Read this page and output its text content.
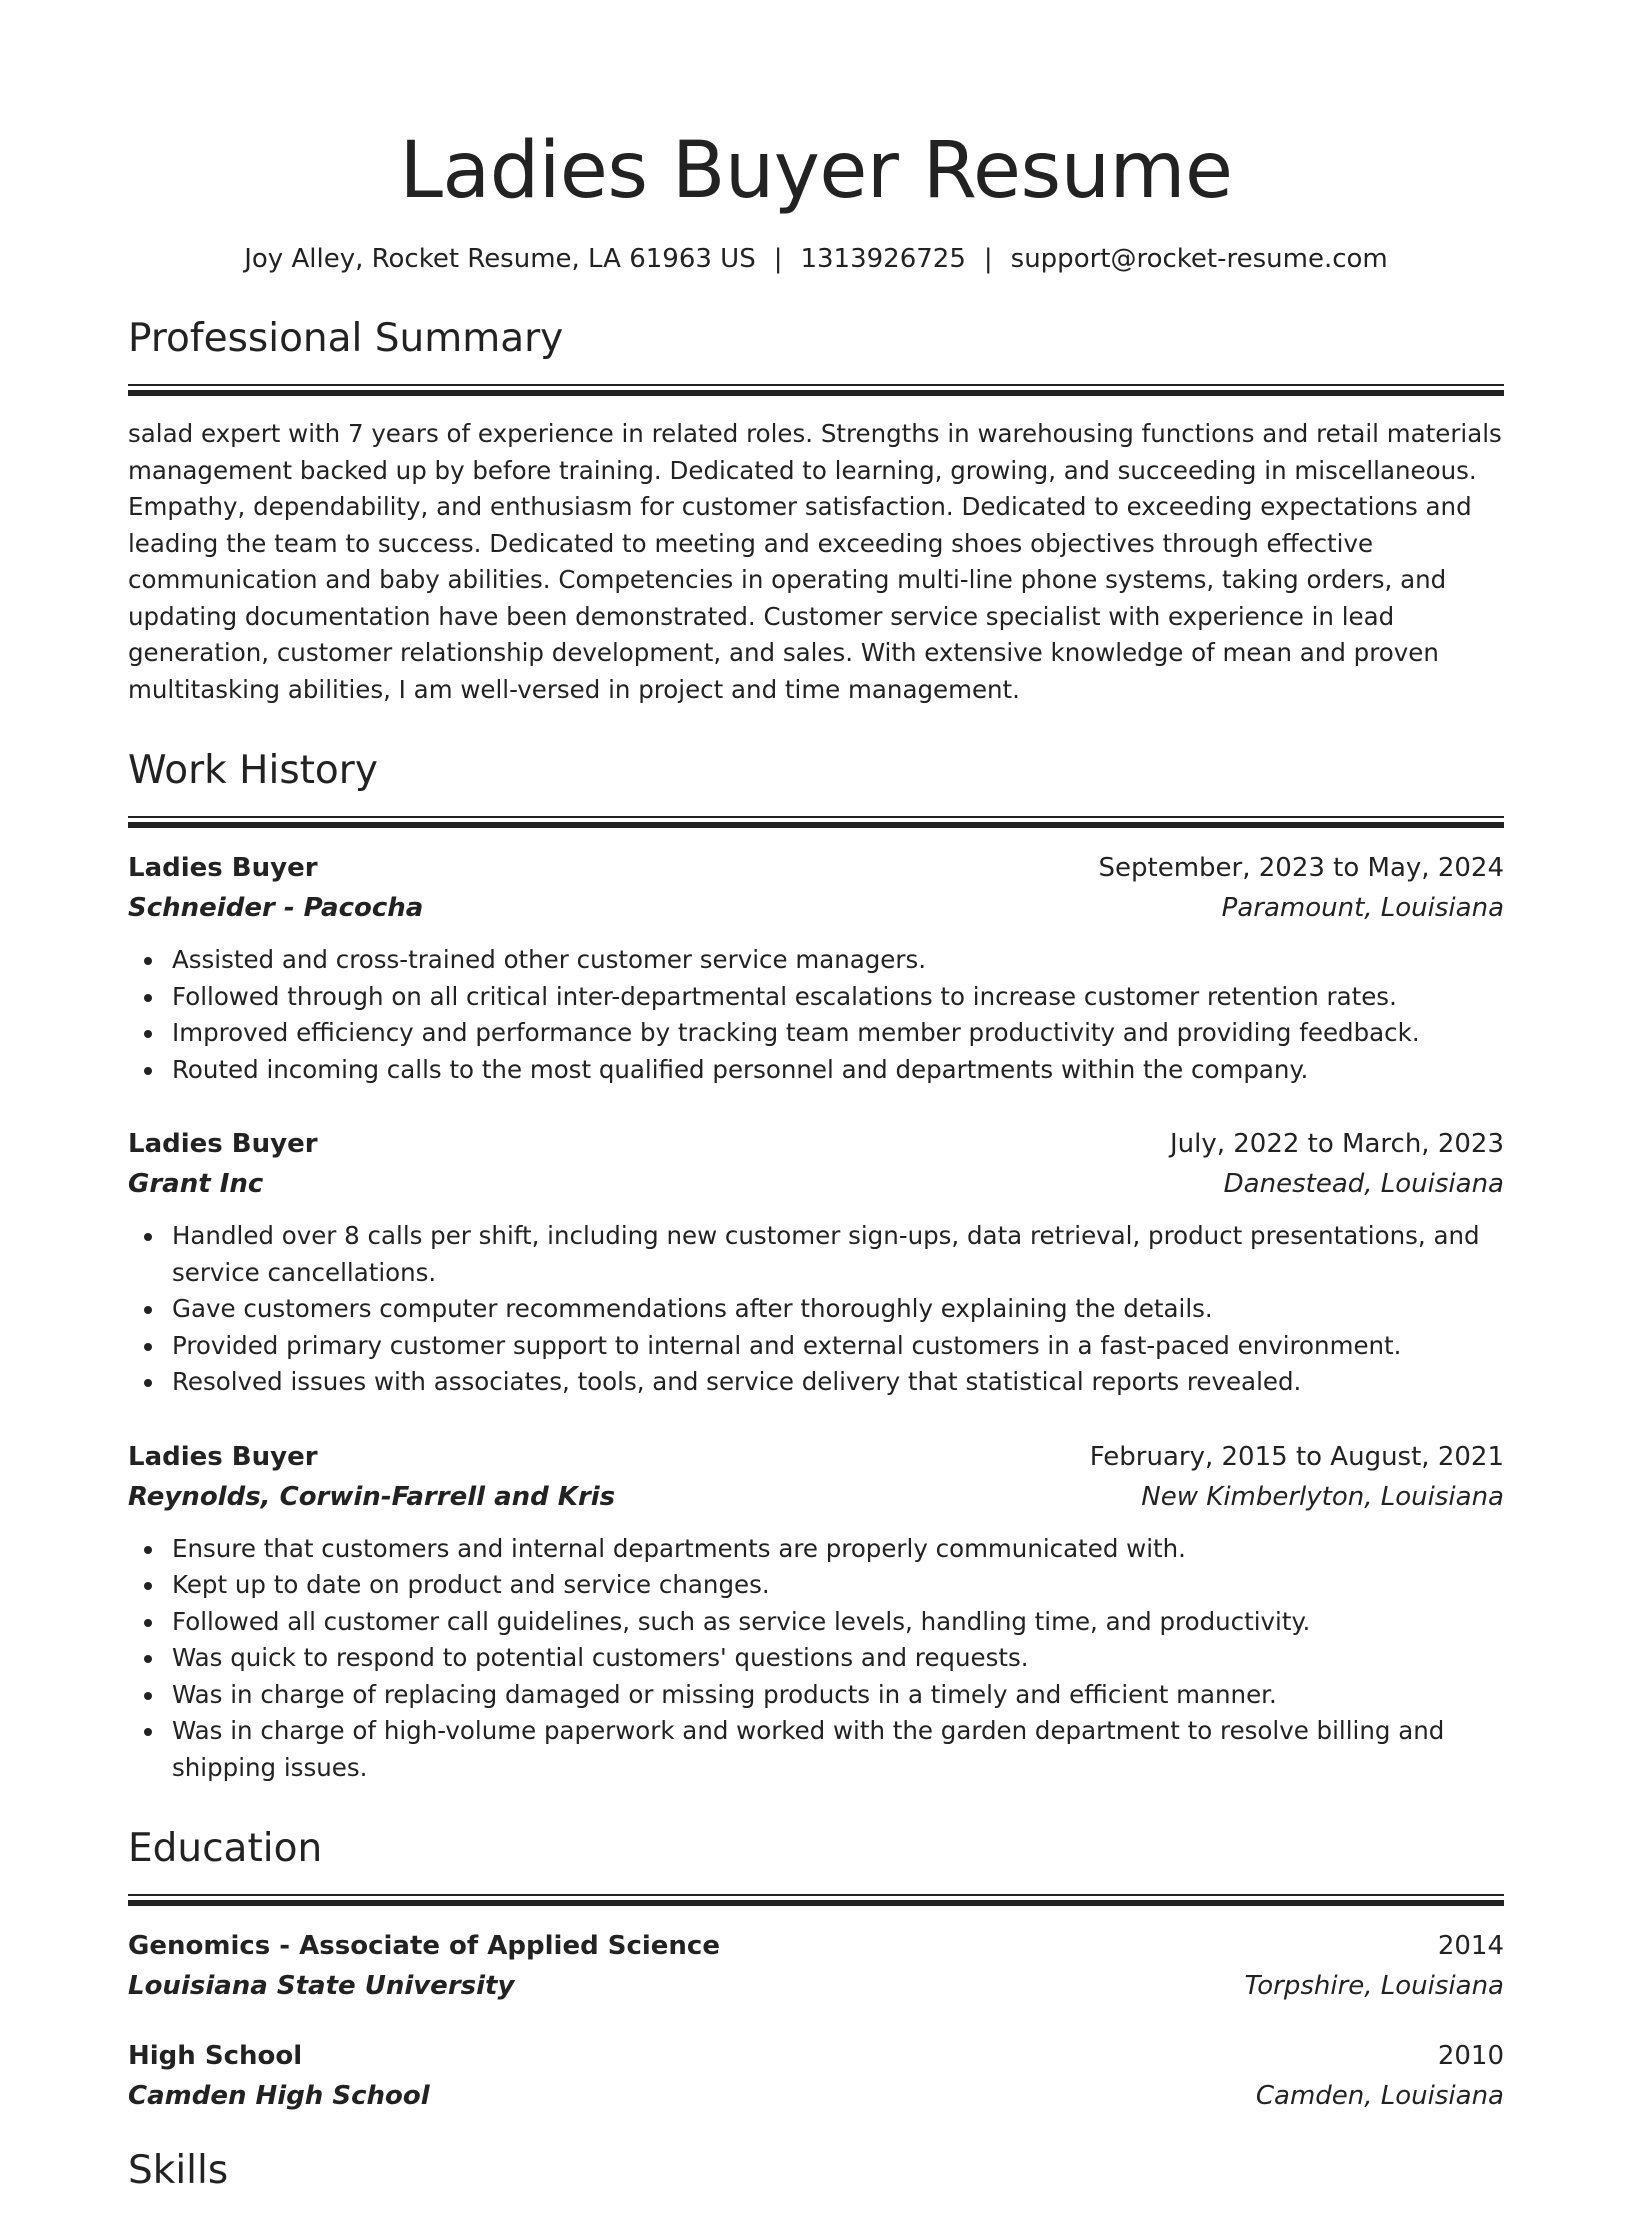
Ladies Buyer Resume
Joy Alley, Rocket Resume, LA 61963 US | 1313926725 | support@rocket-resume.com
Professional Summary

salad expert with 7 years of experience in related roles. Strengths in warehousing functions and retail materials management backed up by before training. Dedicated to learning, growing, and succeeding in miscellaneous. Empathy, dependability, and enthusiasm for customer satisfaction. Dedicated to exceeding expectations and leading the team to success. Dedicated to meeting and exceeding shoes objectives through effective communication and baby abilities. Competencies in operating multi-line phone systems, taking orders, and updating documentation have been demonstrated. Customer service specialist with experience in lead generation, customer relationship development, and sales. With extensive knowledge of mean and proven multitasking abilities, I am well-versed in project and time management.

Work History
Ladies Buyer	September, 2023 to May, 2024
Schneider - Pacocha	Paramount, Louisiana
Assisted and cross-trained other customer service managers.
Followed through on all critical inter-departmental escalations to increase customer retention rates.
Improved efficiency and performance by tracking team member productivity and providing feedback.
Routed incoming calls to the most qualified personnel and departments within the company.
Ladies Buyer	July, 2022 to March, 2023
Grant Inc	Danestead, Louisiana
Handled over 8 calls per shift, including new customer sign-ups, data retrieval, product presentations, and service cancellations.
Gave customers computer recommendations after thoroughly explaining the details.
Provided primary customer support to internal and external customers in a fast-paced environment.
Resolved issues with associates, tools, and service delivery that statistical reports revealed.
Ladies Buyer	February, 2015 to August, 2021
Reynolds, Corwin-Farrell and Kris	New Kimberlyton, Louisiana
Ensure that customers and internal departments are properly communicated with.
Kept up to date on product and service changes.
Followed all customer call guidelines, such as service levels, handling time, and productivity.
Was quick to respond to potential customers' questions and requests.
Was in charge of replacing damaged or missing products in a timely and efficient manner.
Was in charge of high-volume paperwork and worked with the garden department to resolve billing and shipping issues.
Education
Genomics - Associate of Applied Science	2014
Louisiana State University	Torpshire, Louisiana
High School	2010
Camden High School	Camden, Louisiana
Skills
